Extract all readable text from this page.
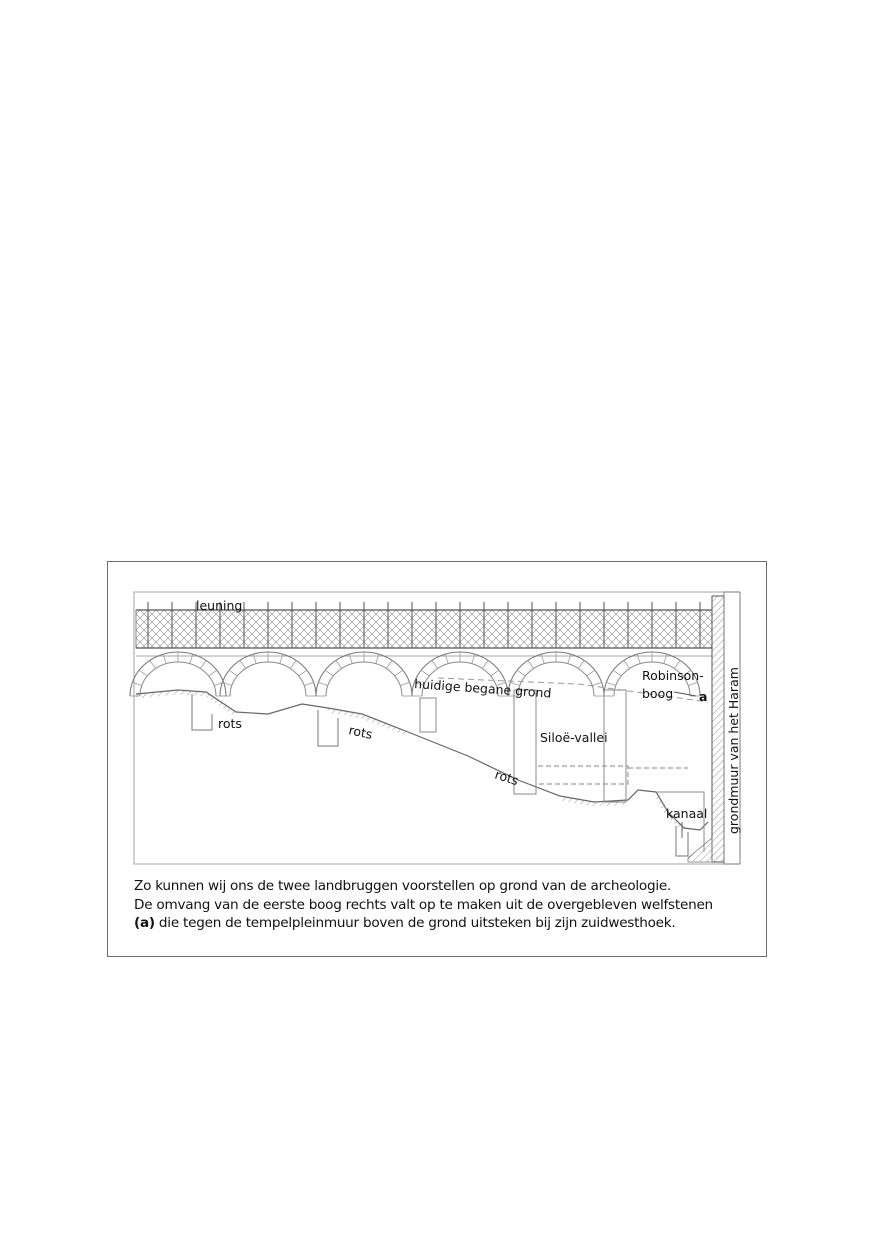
leuning
huidige begane grond
Robinson-
boog a
rots	rots
rots
Siloë-vallei
kanaal grondmuur van het Haram
Zo kunnen wij ons de twee landbruggen voorstellen op grond van de archeologie.
De omvang van de eerste boog rechts valt op te maken uit de overgebleven welfstenen
(a) die tegen de tempelpleinmuur boven de grond uitsteken bij zijn zuidwesthoek.
